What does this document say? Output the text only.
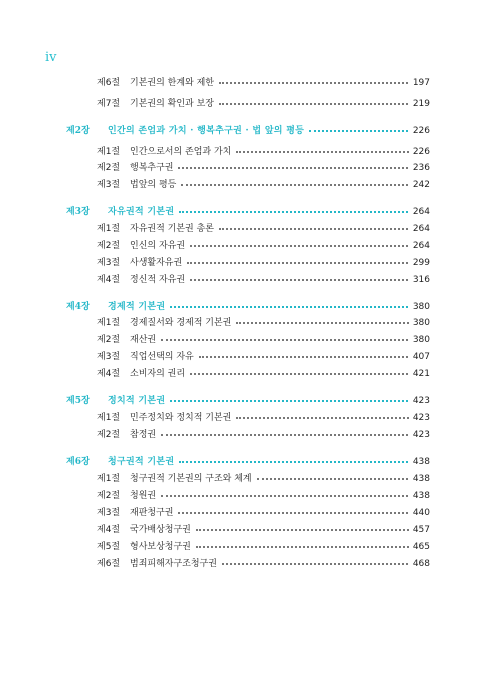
iv
제6절	기본권의 한계와 제한	197
제7절	기본권의 확인과 보장	219
제2장	인간의 존엄과 가치 · 행복추구권 · 법 앞의 평등	226
제1절	인간으로서의 존엄과 가치	226
제2절	행복추구권	236
제3절	법앞의 평등	242
제3장	자유권적 기본권	264
제1절	자유권적 기본권 총론	264
제2절	인신의 자유권	264
제3절	사생활자유권	299
제4절	정신적 자유권	316
제4장	경제적 기본권	380
제1절	경제질서와 경제적 기본권	380
제2절	재산권	380
제3절	직업선택의 자유	407
제4절	소비자의 권리	421
제5장	정치적 기본권	423
제1절	민주정치와 정치적 기본권	423
제2절	참정권	423
제6장	청구권적 기본권	438
제1절	청구권적 기본권의 구조와 체계	438
제2절	청원권	438
제3절	재판청구권	440
제4절	국가배상청구권	457
제5절	형사보상청구권	465
제6절	범죄피해자구조청구권	468
